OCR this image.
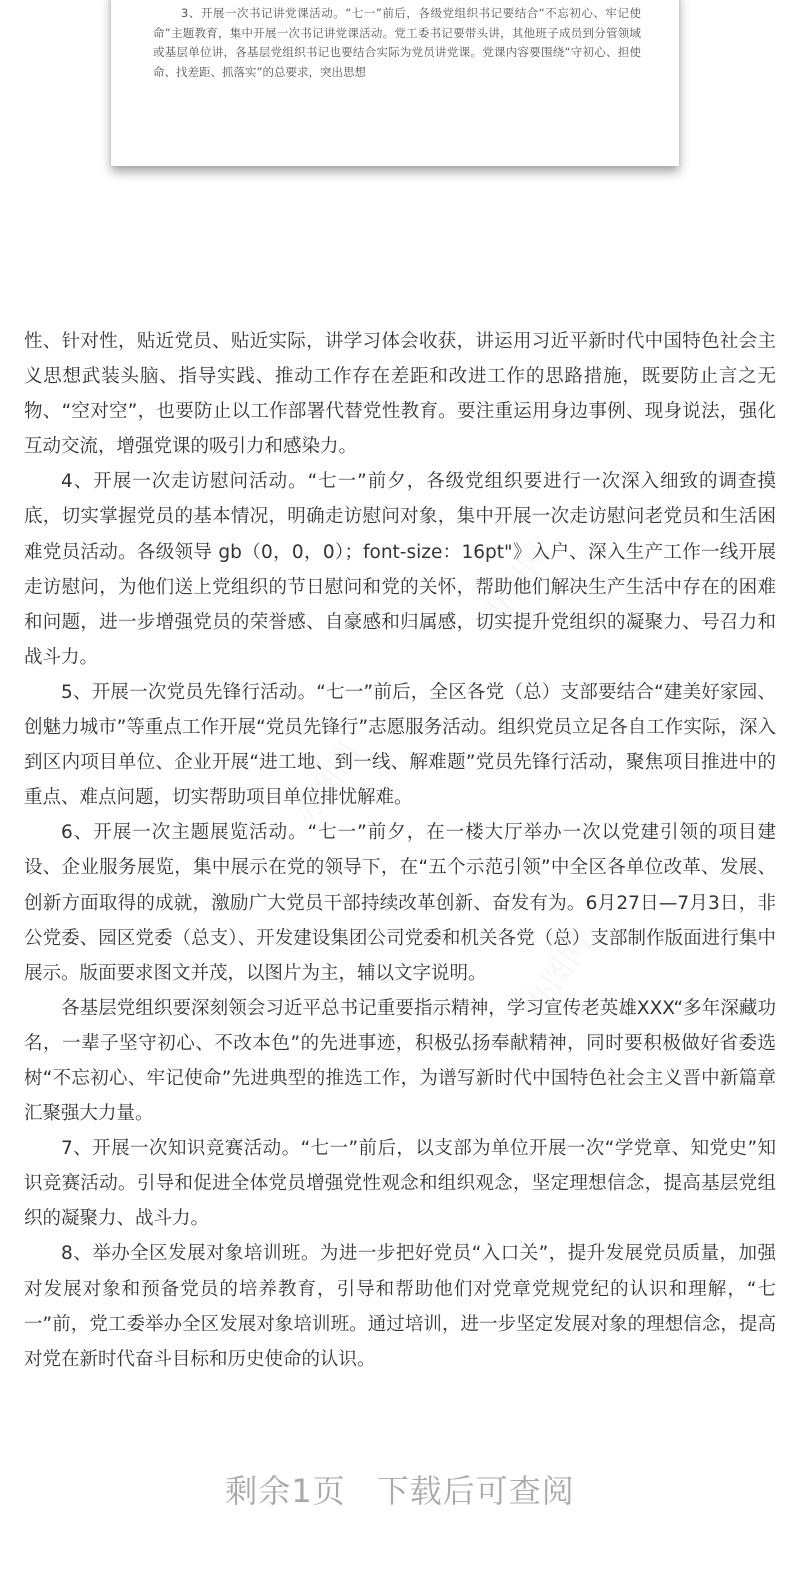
3、开展一次书记讲党课活动。“七一”前后，各级党组织书记要结合“不忘初心、牢记使命”主题教育，集中开展一次书记讲党课活动。党工委书记要带头讲，其他班子成员到分管领域或基层单位讲，各基层党组织书记也要结合实际为党员讲党课。党课内容要围绕“守初心、担使命、找差距、抓落实”的总要求，突出思想

办图网
办图网
办图网

性、针对性，贴近党员、贴近实际，讲学习体会收获，讲运用习近平新时代中国特色社会主义思想武装头脑、指导实践、推动工作存在差距和改进工作的思路措施，既要防止言之无物、“空对空”，也要防止以工作部署代替党性教育。要注重运用身边事例、现身说法，强化互动交流，增强党课的吸引力和感染力。

4、开展一次走访慰问活动。“七一”前夕，各级党组织要进行一次深入细致的调查摸底，切实掌握党员的基本情况，明确走访慰问对象，集中开展一次走访慰问老党员和生活困难党员活动。各级领导 gb（0，0，0）；font-size：16pt"》入户、深入生产工作一线开展走访慰问，为他们送上党组织的节日慰问和党的关怀，帮助他们解决生产生活中存在的困难和问题，进一步增强党员的荣誉感、自豪感和归属感，切实提升党组织的凝聚力、号召力和战斗力。

5、开展一次党员先锋行活动。“七一”前后，全区各党（总）支部要结合“建美好家园、创魅力城市”等重点工作开展“党员先锋行”志愿服务活动。组织党员立足各自工作实际，深入到区内项目单位、企业开展“进工地、到一线、解难题”党员先锋行活动，聚焦项目推进中的重点、难点问题，切实帮助项目单位排忧解难。

6、开展一次主题展览活动。“七一”前夕，在一楼大厅举办一次以党建引领的项目建设、企业服务展览，集中展示在党的领导下，在“五个示范引领”中全区各单位改革、发展、创新方面取得的成就，激励广大党员干部持续改革创新、奋发有为。6月27日—7月3日，非公党委、园区党委（总支）、开发建设集团公司党委和机关各党（总）支部制作版面进行集中展示。版面要求图文并茂，以图片为主，辅以文字说明。

各基层党组织要深刻领会习近平总书记重要指示精神，学习宣传老英雄XXX“多年深藏功名，一辈子坚守初心、不改本色”的先进事迹，积极弘扬奉献精神，同时要积极做好省委选树“不忘初心、牢记使命”先进典型的推选工作，为谱写新时代中国特色社会主义晋中新篇章汇聚强大力量。

7、开展一次知识竞赛活动。“七一”前后，以支部为单位开展一次“学党章、知党史”知识竞赛活动。引导和促进全体党员增强党性观念和组织观念，坚定理想信念，提高基层党组织的凝聚力、战斗力。

8、举办全区发展对象培训班。为进一步把好党员“入口关”，提升发展党员质量，加强对发展对象和预备党员的培养教育，引导和帮助他们对党章党规党纪的认识和理解，“七一”前，党工委举办全区发展对象培训班。通过培训，进一步坚定发展对象的理想信念，提高对党在新时代奋斗目标和历史使命的认识。

剩余1页 下载后可查阅
